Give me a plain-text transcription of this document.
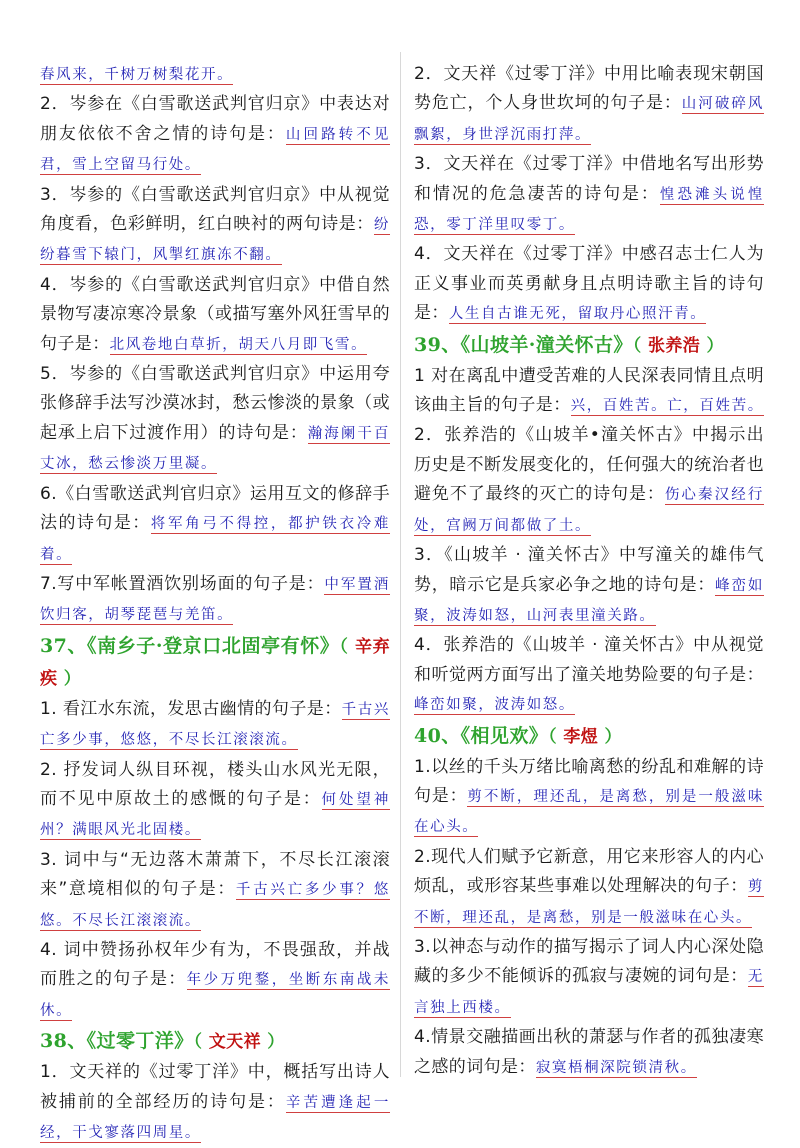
春风来，千树万树梨花开。
2．岑参在《白雪歌送武判官归京》中表达对朋友依依不舍之情的诗句是：山回路转不见君，雪上空留马行处。
3．岑参的《白雪歌送武判官归京》中从视觉角度看，色彩鲜明，红白映衬的两句诗是：纷纷暮雪下辕门，风掣红旗冻不翻。
4．岑参的《白雪歌送武判官归京》中借自然景物写凄凉寒冷景象（或描写塞外风狂雪早的句子是：北风卷地白草折，胡天八月即飞雪。
5．岑参的《白雪歌送武判官归京》中运用夸张修辞手法写沙漠冰封，愁云惨淡的景象（或起承上启下过渡作用）的诗句是：瀚海阑干百丈冰，愁云惨淡万里凝。
6.《白雪歌送武判官归京》运用互文的修辞手法的诗句是：将军角弓不得控，都护铁衣冷难着。
7.写中军帐置酒饮别场面的句子是：中军置酒饮归客，胡琴琵琶与羌笛。
37、《南乡子·登京口北固亭有怀》 （ 辛弃疾 ）
1. 看江水东流，发思古幽情的句子是：千古兴亡多少事，悠悠，不尽长江滚滚流。
2. 抒发词人纵目环视，楼头山水风光无限，而不见中原故土的感慨的句子是：何处望神州？满眼风光北固楼。
3. 词中与“无边落木萧萧下，不尽长江滚滚来”意境相似的句子是：千古兴亡多少事？悠悠。不尽长江滚滚流。
4. 词中赞扬孙权年少有为，不畏强敌，并战而胜之的句子是：年少万兜鍪，坐断东南战未休。
38、《过零丁洋》 （ 文天祥 ）
1．文天祥的《过零丁洋》中，概括写出诗人被捕前的全部经历的诗句是：辛苦遭逢起一经，干戈寥落四周星。
2．文天祥《过零丁洋》中用比喻表现宋朝国势危亡，个人身世坎坷的句子是：山河破碎风飘絮，身世浮沉雨打萍。
3．文天祥在《过零丁洋》中借地名写出形势和情况的危急凄苦的诗句是：惶恐滩头说惶恐，零丁洋里叹零丁。
4．文天祥在《过零丁洋》中感召志士仁人为正义事业而英勇献身且点明诗歌主旨的诗句是：人生自古谁无死，留取丹心照汗青。
39、《山坡羊·潼关怀古》 （ 张养浩 ）
1 对在离乱中遭受苦难的人民深表同情且点明该曲主旨的句子是：兴，百姓苦。亡，百姓苦。
2．张养浩的《山坡羊•潼关怀古》中揭示出历史是不断发展变化的，任何强大的统治者也避免不了最终的灭亡的诗句是：伤心秦汉经行处，宫阙万间都做了土。
3．《山坡羊 · 潼关怀古》中写潼关的雄伟气势，暗示它是兵家必争之地的诗句是：峰峦如聚，波涛如怒，山河表里潼关路。
4．张养浩的《山坡羊 · 潼关怀古》中从视觉和听觉两方面写出了潼关地势险要的句子是：峰峦如聚，波涛如怒。
40、《相见欢》 （ 李煜 ）
1.以丝的千头万绪比喻离愁的纷乱和难解的诗句是：剪不断，理还乱，是离愁，别是一般滋味在心头。
2.现代人们赋予它新意，用它来形容人的内心烦乱，或形容某些事难以处理解决的句子：剪不断，理还乱，是离愁，别是一般滋味在心头。
3.以神态与动作的描写揭示了词人内心深处隐藏的多少不能倾诉的孤寂与凄婉的词句是：无言独上西楼。
4.情景交融描画出秋的萧瑟与作者的孤独凄寒之感的词句是：寂寞梧桐深院锁清秋。
